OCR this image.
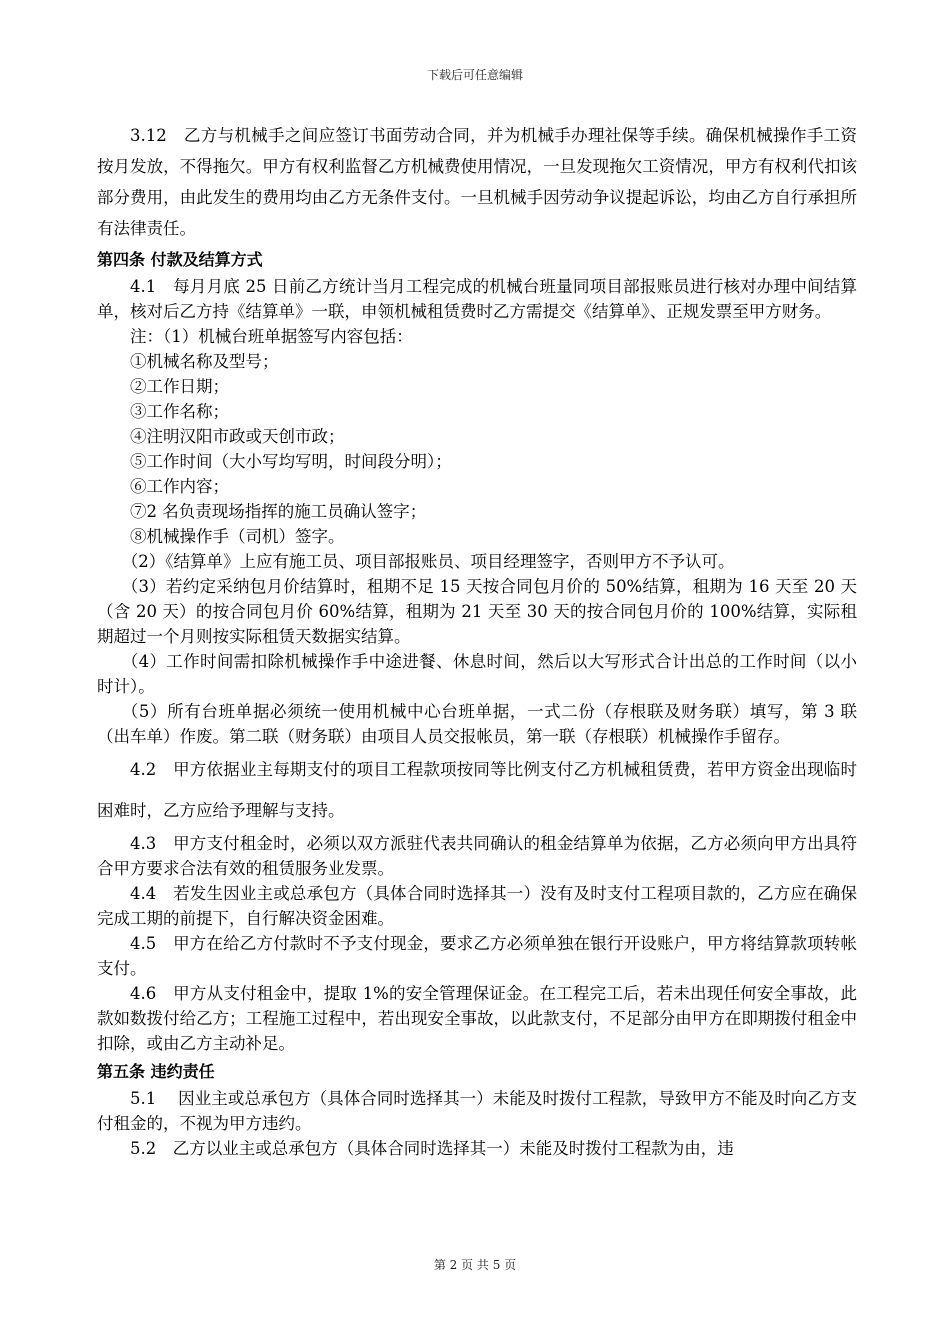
下载后可任意编辑

3.12　乙方与机械手之间应签订书面劳动合同，并为机械手办理社保等手续。确保机械操作手工资按月发放，不得拖欠。甲方有权利监督乙方机械费使用情况，一旦发现拖欠工资情况，甲方有权利代扣该部分费用，由此发生的费用均由乙方无条件支付。一旦机械手因劳动争议提起诉讼，均由乙方自行承担所有法律责任。

第四条 付款及结算方式

4.1　每月月底 25 日前乙方统计当月工程完成的机械台班量同项目部报账员进行核对办理中间结算单，核对后乙方持《结算单》一联，申领机械租赁费时乙方需提交《结算单》、正规发票至甲方财务。

注：（1）机械台班单据签写内容包括：

①机械名称及型号；

②工作日期；

③工作名称；

④注明汉阳市政或天创市政；

⑤工作时间（大小写均写明，时间段分明）；

⑥工作内容；

⑦2 名负责现场指挥的施工员确认签字；

⑧机械操作手（司机）签字。

（2）《结算单》上应有施工员、项目部报账员、项目经理签字，否则甲方不予认可。

（3）若约定采纳包月价结算时，租期不足 15 天按合同包月价的 50%结算，租期为 16 天至 20 天（含 20 天）的按合同包月价 60%结算，租期为 21 天至 30 天的按合同包月价的 100%结算，实际租期超过一个月则按实际租赁天数据实结算。

（4）工作时间需扣除机械操作手中途进餐、休息时间，然后以大写形式合计出总的工作时间（以小时计）。

（5）所有台班单据必须统一使用机械中心台班单据，一式二份（存根联及财务联）填写，第 3 联（出车单）作废。第二联（财务联）由项目人员交报帐员，第一联（存根联）机械操作手留存。

4.2　甲方依据业主每期支付的项目工程款项按同等比例支付乙方机械租赁费，若甲方资金出现临时困难时，乙方应给予理解与支持。

4.3　甲方支付租金时，必须以双方派驻代表共同确认的租金结算单为依据，乙方必须向甲方出具符合甲方要求合法有效的租赁服务业发票。

4.4　若发生因业主或总承包方（具体合同时选择其一）没有及时支付工程项目款的，乙方应在确保完成工期的前提下，自行解决资金困难。

4.5　甲方在给乙方付款时不予支付现金，要求乙方必须单独在银行开设账户，甲方将结算款项转帐支付。

4.6　甲方从支付租金中，提取 1%的安全管理保证金。在工程完工后，若未出现任何安全事故，此款如数拨付给乙方；工程施工过程中，若出现安全事故，以此款支付，不足部分由甲方在即期拨付租金中扣除，或由乙方主动补足。

第五条 违约责任

5.1　 因业主或总承包方（具体合同时选择其一）未能及时拨付工程款，导致甲方不能及时向乙方支付租金的，不视为甲方违约。

5.2　乙方以业主或总承包方（具体合同时选择其一）未能及时拨付工程款为由，违

第 2 页 共 5 页
